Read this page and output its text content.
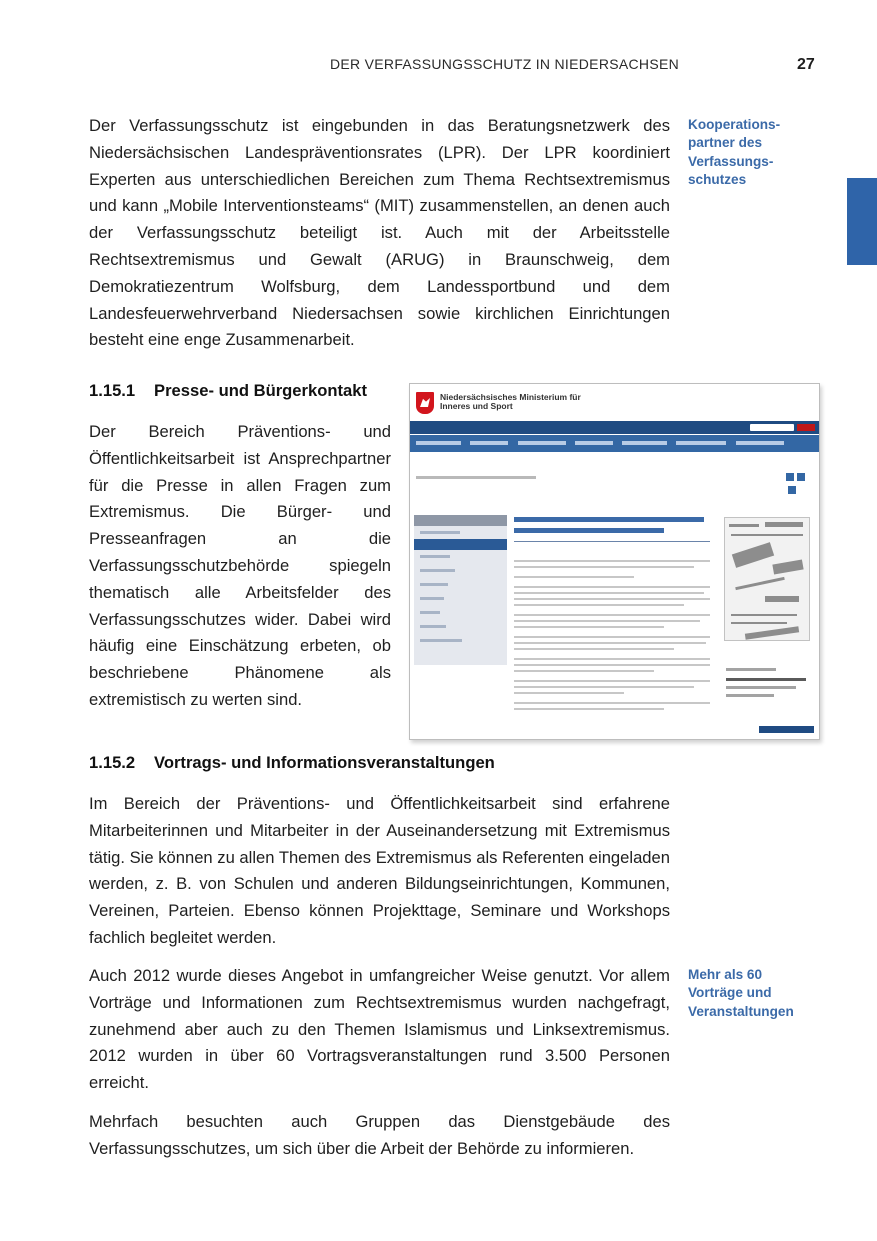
DER VERFASSUNGSSCHUTZ IN NIEDERSACHSEN	27

Der Verfassungsschutz ist eingebunden in das Beratungsnetzwerk des Niedersächsischen Landespräventionsrates (LPR). Der LPR koordiniert Experten aus unterschiedlichen Bereichen zum Thema Rechtsextremismus und kann „Mobile Interventionsteams“ (MIT) zusammenstellen, an denen auch der Verfassungsschutz beteiligt ist. Auch mit der Arbeitsstelle Rechtsextremismus und Gewalt (ARUG) in Braunschweig, dem Demokratiezentrum Wolfsburg, dem Landessportbund und dem Landesfeuerwehrverband Niedersachsen sowie kirchlichen Einrichtungen besteht eine enge Zusammenarbeit.

Kooperationspartner des Verfassungsschutzes

1.15.1 Presse- und Bürgerkontakt

Der Bereich Präventions- und Öffentlichkeitsarbeit ist Ansprechpartner für die Presse in allen Fragen zum Extremismus. Die Bürger- und Presseanfragen an die Verfassungsschutzbehörde spiegeln thematisch alle Arbeitsfelder des Verfassungsschutzes wider. Dabei wird häufig eine Einschätzung erbeten, ob beschriebene Phänomene als extremistisch zu werten sind.

Niedersächsisches Ministerium für Inneres und Sport
1.15.2 Vortrags- und Informationsveranstaltungen

Im Bereich der Präventions- und Öffentlichkeitsarbeit sind erfahrene Mitarbeiterinnen und Mitarbeiter in der Auseinandersetzung mit Extremismus tätig. Sie können zu allen Themen des Extremismus als Referenten eingeladen werden, z. B. von Schulen und anderen Bildungseinrichtungen, Kommunen, Vereinen, Parteien. Ebenso können Projekttage, Seminare und Workshops fachlich begleitet werden.

Auch 2012 wurde dieses Angebot in umfangreicher Weise genutzt. Vor allem Vorträge und Informationen zum Rechtsextremismus wurden nachgefragt, zunehmend aber auch zu den Themen Islamismus und Linksextremismus. 2012 wurden in über 60 Vortragsveranstaltungen rund 3.500 Personen erreicht.

Mehr als 60 Vorträge und Veranstaltungen

Mehrfach besuchten auch Gruppen das Dienstgebäude des Verfassungsschutzes, um sich über die Arbeit der Behörde zu informieren.
